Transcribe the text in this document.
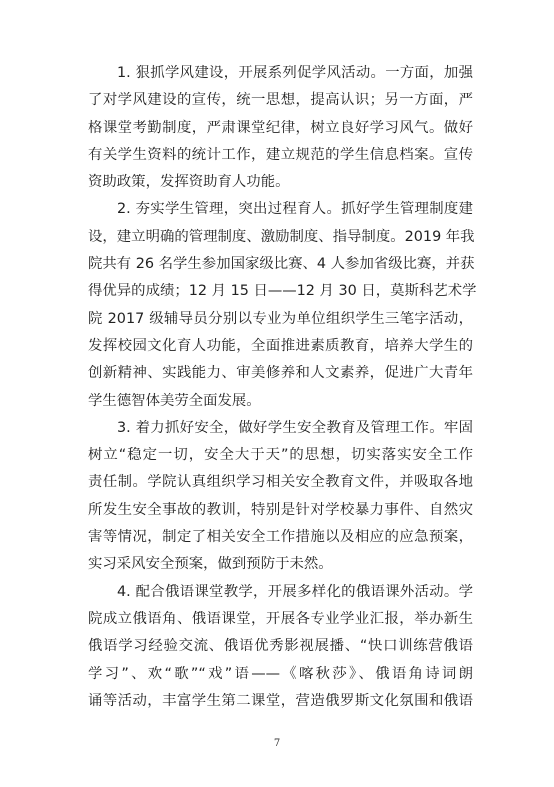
1. 狠抓学风建设，开展系列促学风活动。一方面，加强
了对学风建设的宣传，统一思想，提高认识；另一方面，严
格课堂考勤制度，严肃课堂纪律，树立良好学习风气。做好
有关学生资料的统计工作，建立规范的学生信息档案。宣传
资助政策，发挥资助育人功能。
2. 夯实学生管理，突出过程育人。抓好学生管理制度建
设，建立明确的管理制度、激励制度、指导制度。2019 年我
院共有 26 名学生参加国家级比赛、4 人参加省级比赛，并获
得优异的成绩；12 月 15 日——12 月 30 日，莫斯科艺术学
院 2017 级辅导员分别以专业为单位组织学生三笔字活动，
发挥校园文化育人功能，全面推进素质教育，培养大学生的
创新精神、实践能力、审美修养和人文素养，促进广大青年
学生德智体美劳全面发展。
3. 着力抓好安全，做好学生安全教育及管理工作。牢固
树立“稳定一切，安全大于天”的思想，切实落实安全工作
责任制。学院认真组织学习相关安全教育文件，并吸取各地
所发生安全事故的教训，特别是针对学校暴力事件、自然灾
害等情况，制定了相关安全工作措施以及相应的应急预案，
实习采风安全预案，做到预防于未然。
4. 配合俄语课堂教学，开展多样化的俄语课外活动。学
院成立俄语角、俄语课堂，开展各专业学业汇报，举办新生
俄语学习经验交流、俄语优秀影视展播、“快口训练营俄语
学习”、欢“歌”“戏”语——《喀秋莎》、俄语角诗词朗
诵等活动，丰富学生第二课堂，营造俄罗斯文化氛围和俄语
7
